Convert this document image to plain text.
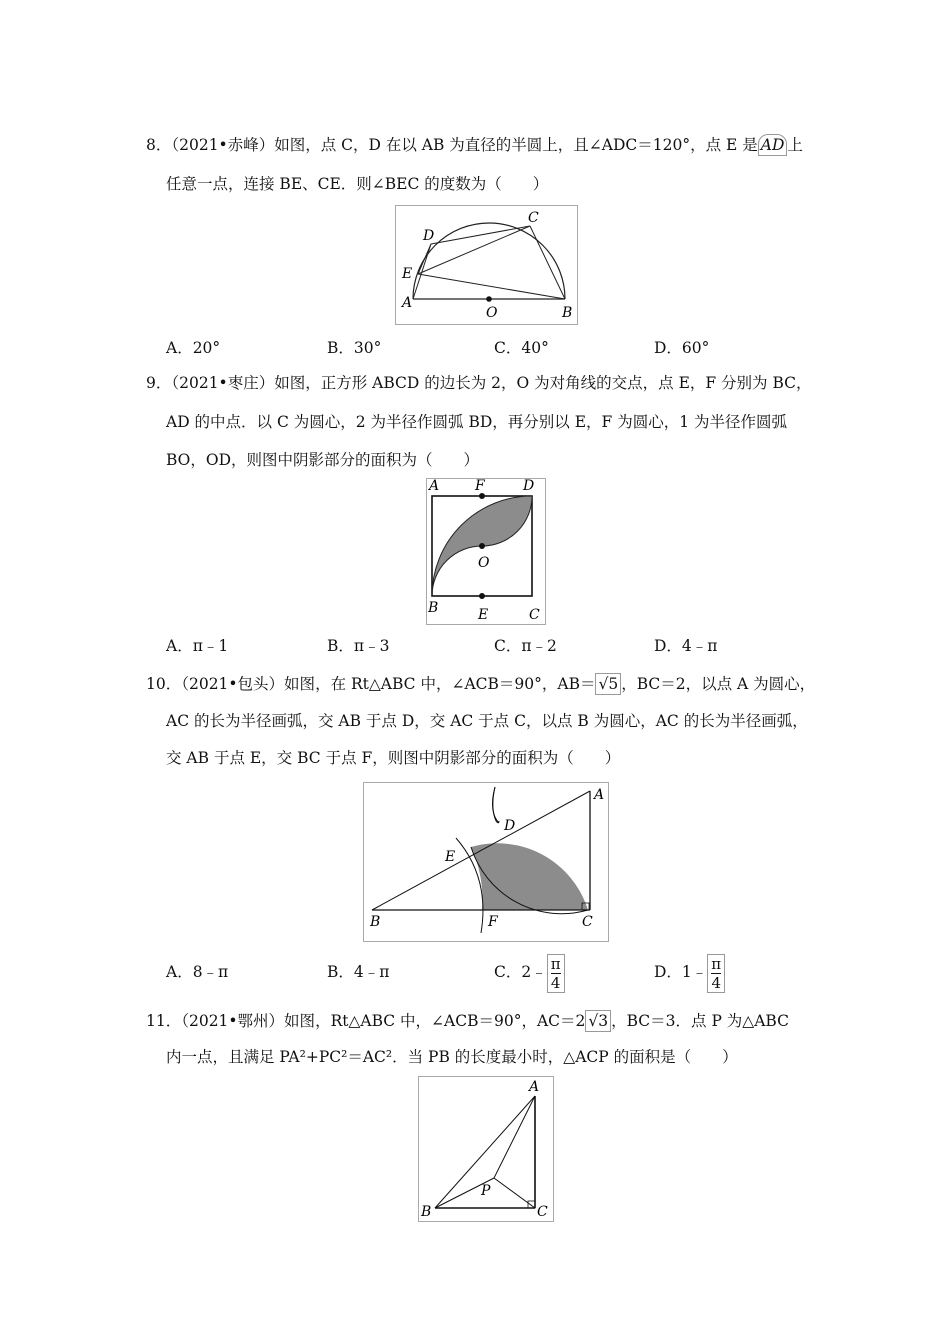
8．（2021•赤峰）如图，点 C，D 在以 AB 为直径的半圆上，且∠ADC＝120°，点 E 是 AD 上
任意一点，连接 BE、CE．则∠BEC 的度数为（　　）
A
B
C
D
E
O
A．20°	B．30°	C．40°	D．60°
9．（2021•枣庄）如图，正方形 ABCD 的边长为 2，O 为对角线的交点，点 E，F 分别为 BC，
AD 的中点．以 C 为圆心，2 为半径作圆弧 BD，再分别以 E，F 为圆心，1 为半径作圆弧
BO，OD，则图中阴影部分的面积为（　　）
A	F	D
O
B	E	C
A．π﹣1	B．π﹣3	C．π﹣2	D．4﹣π
10．（2021•包头）如图，在 Rt△ABC 中，∠ACB＝90°，AB＝ √5 ，BC＝2，以点 A 为圆心，
AC 的长为半径画弧，交 AB 于点 D，交 AC 于点 C，以点 B 为圆心，AC 的长为半径画弧，
交 AB 于点 E，交 BC 于点 F，则图中阴影部分的面积为（　　）
B
A
D
E
F	C
A．8﹣π	B．4﹣π	C．2﹣ $\frac{\pi}{4}$	D．1﹣ $\frac{\pi}{4}$
11．（2021•鄂州）如图，Rt△ABC 中，∠ACB＝90°，AC＝2 √3 ，BC＝3．点 P 为△ABC
内一点，且满足 PA²+PC²＝AC²．当 PB 的长度最小时，△ACP 的面积是（　　）
A
B	C
P
